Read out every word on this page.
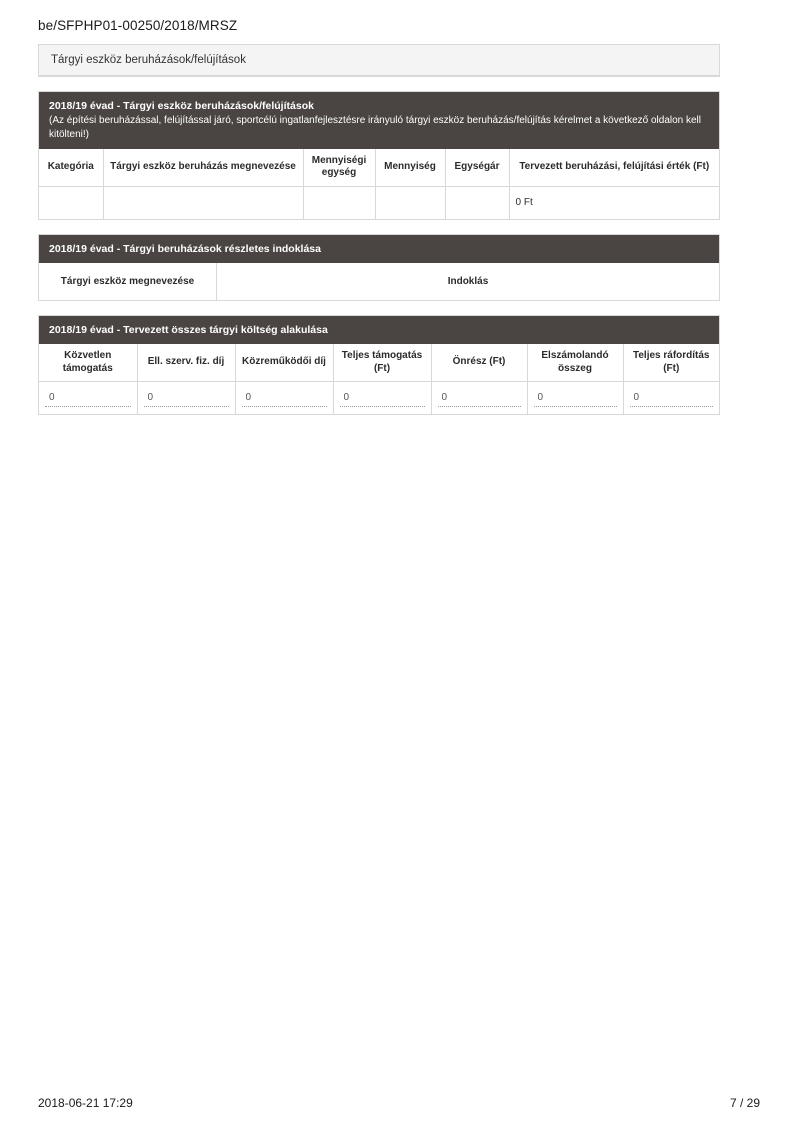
be/SFPHP01-00250/2018/MRSZ
Tárgyi eszköz beruházások/felújítások
2018/19 évad - Tárgyi eszköz beruházások/felújítások
(Az építési beruházással, felújítással járó, sportcélú ingatlanfejlesztésre irányuló tárgyi eszköz beruházás/felújítás kérelmet a következő oldalon kell kitölteni!)
Kategória	Tárgyi eszköz beruházás megnevezése	Mennyiségi egység	Mennyiség	Egységár	Tervezett beruházási, felújítási érték (Ft)
					0 Ft
2018/19 évad - Tárgyi beruházások részletes indoklása
Tárgyi eszköz megnevezése	Indoklás
2018/19 évad - Tervezett összes tárgyi költség alakulása
Közvetlen támogatás	Ell. szerv. fiz. díj	Közreműködői díj	Teljes támogatás (Ft)	Önrész (Ft)	Elszámolandó összeg	Teljes ráfordítás (Ft)
0	0	0	0	0	0	0
2018-06-21 17:29	7 / 29
